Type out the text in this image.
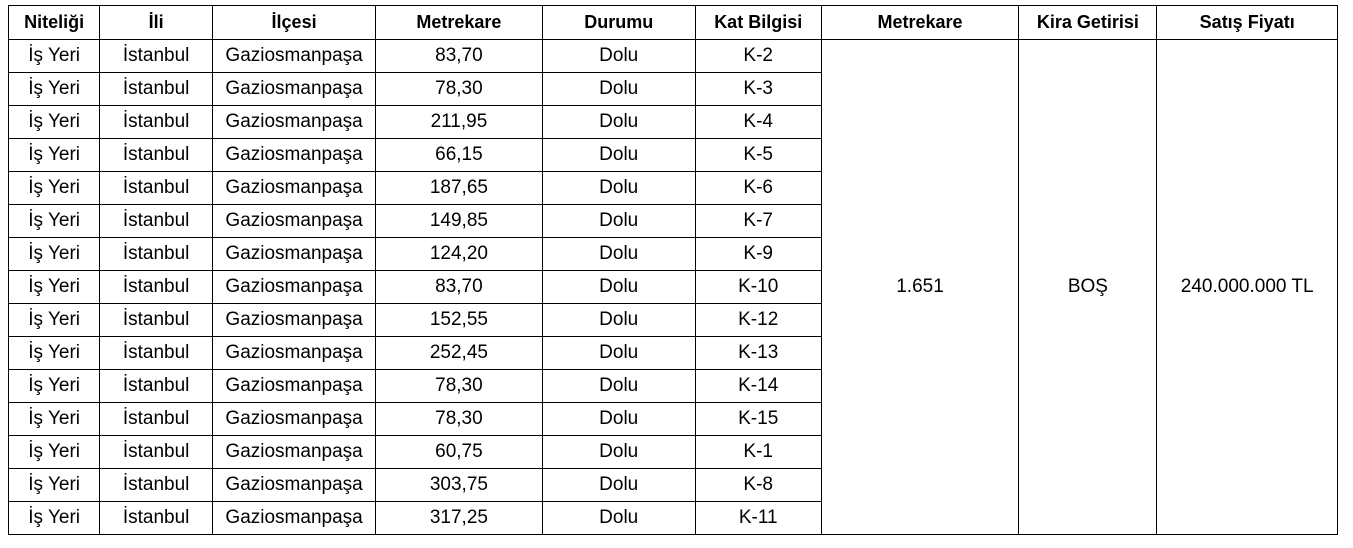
Niteliği	İli	İlçesi	Metrekare	Durumu	Kat Bilgisi	Metrekare	Kira Getirisi	Satış Fiyatı
İş Yeri	İstanbul	Gaziosmanpaşa	83,70	Dolu	K-2	1.651	BOŞ	240.000.000 TL
İş Yeri	İstanbul	Gaziosmanpaşa	78,30	Dolu	K-3			
İş Yeri	İstanbul	Gaziosmanpaşa	211,95	Dolu	K-4			
İş Yeri	İstanbul	Gaziosmanpaşa	66,15	Dolu	K-5			
İş Yeri	İstanbul	Gaziosmanpaşa	187,65	Dolu	K-6			
İş Yeri	İstanbul	Gaziosmanpaşa	149,85	Dolu	K-7			
İş Yeri	İstanbul	Gaziosmanpaşa	124,20	Dolu	K-9			
İş Yeri	İstanbul	Gaziosmanpaşa	83,70	Dolu	K-10			
İş Yeri	İstanbul	Gaziosmanpaşa	152,55	Dolu	K-12			
İş Yeri	İstanbul	Gaziosmanpaşa	252,45	Dolu	K-13			
İş Yeri	İstanbul	Gaziosmanpaşa	78,30	Dolu	K-14			
İş Yeri	İstanbul	Gaziosmanpaşa	78,30	Dolu	K-15			
İş Yeri	İstanbul	Gaziosmanpaşa	60,75	Dolu	K-1			
İş Yeri	İstanbul	Gaziosmanpaşa	303,75	Dolu	K-8			
İş Yeri	İstanbul	Gaziosmanpaşa	317,25	Dolu	K-11			
